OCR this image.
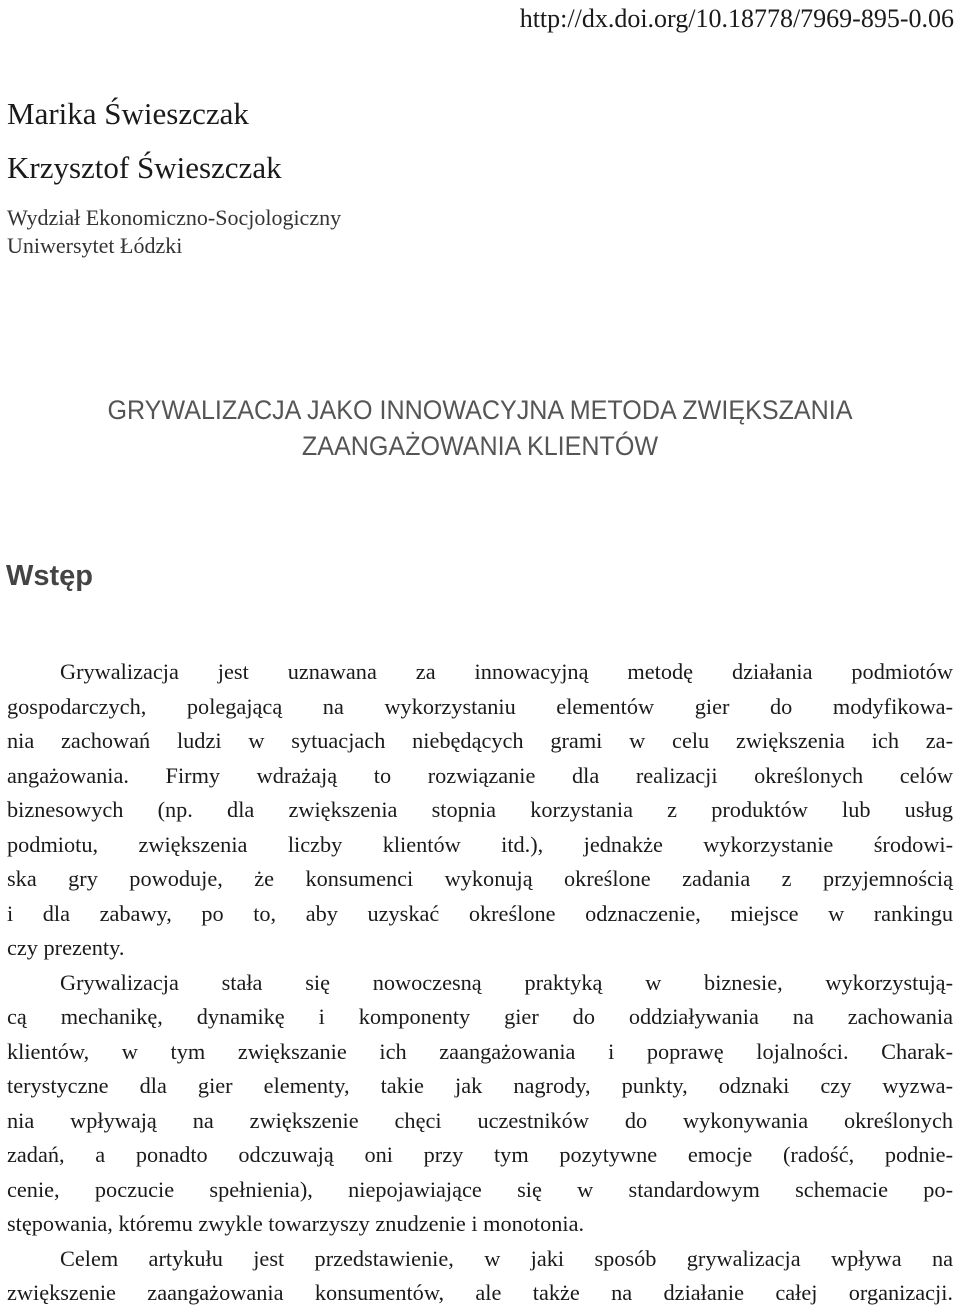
http://dx.doi.org/10.18778/7969-895-0.06
Marika Świeszczak
Krzysztof Świeszczak
Wydział Ekonomiczno-Socjologiczny
Uniwersytet Łódzki
GRYWALIZACJA JAKO INNOWACYJNA METODA ZWIĘKSZANIA
ZAANGAŻOWANIA KLIENTÓW
Wstęp
Grywalizacja jest uznawana za innowacyjną metodę działania podmiotów
gospodarczych, polegającą na wykorzystaniu elementów gier do modyfikowa-
nia zachowań ludzi w sytuacjach niebędących grami w celu zwiększenia ich za-
angażowania. Firmy wdrażają to rozwiązanie dla realizacji określonych celów
biznesowych (np. dla zwiększenia stopnia korzystania z produktów lub usług
podmiotu, zwiększenia liczby klientów itd.), jednakże wykorzystanie środowi-
ska gry powoduje, że konsumenci wykonują określone zadania z przyjemnością
i dla zabawy, po to, aby uzyskać określone odznaczenie, miejsce w rankingu
czy prezenty.
Grywalizacja stała się nowoczesną praktyką w biznesie, wykorzystują-
cą mechanikę, dynamikę i komponenty gier do oddziaływania na zachowania
klientów, w tym zwiększanie ich zaangażowania i poprawę lojalności. Charak-
terystyczne dla gier elementy, takie jak nagrody, punkty, odznaki czy wyzwa-
nia wpływają na zwiększenie chęci uczestników do wykonywania określonych
zadań, a ponadto odczuwają oni przy tym pozytywne emocje (radość, podnie-
cenie, poczucie spełnienia), niepojawiające się w standardowym schemacie po-
stępowania, któremu zwykle towarzyszy znudzenie i monotonia.
Celem artykułu jest przedstawienie, w jaki sposób grywalizacja wpływa na
zwiększenie zaangażowania konsumentów, ale także na działanie całej organizacji.
